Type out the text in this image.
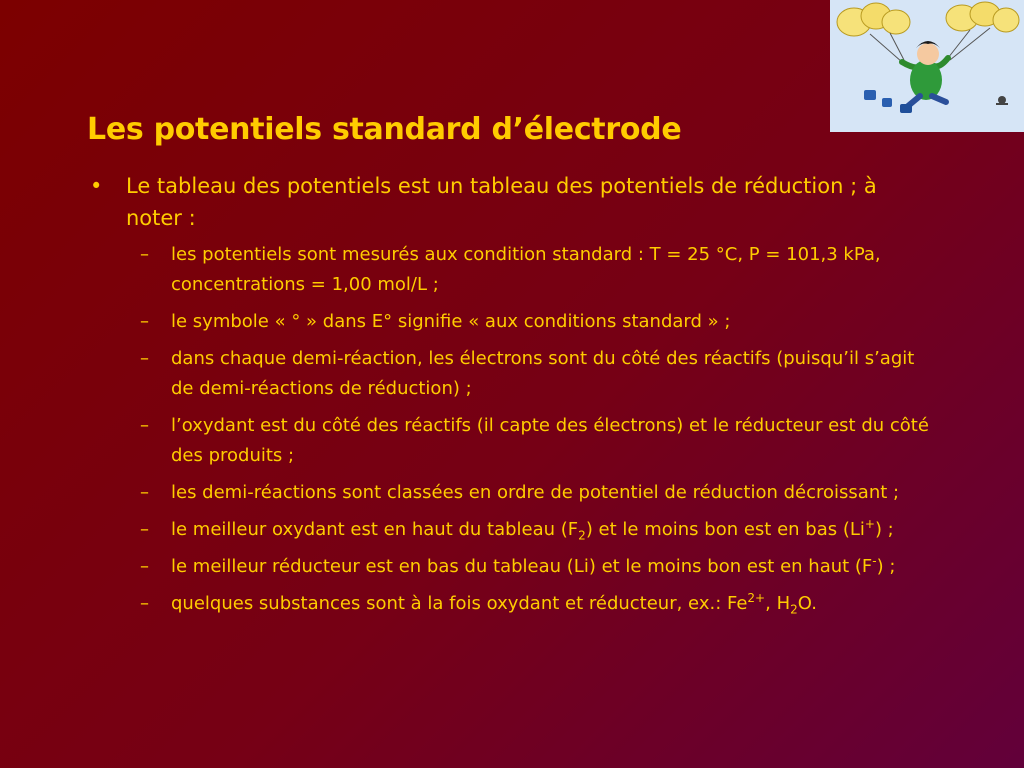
Les potentiels standard d’électrode
• Le tableau des potentiels est un tableau des potentiels de réduction ; à noter :
– les potentiels sont mesurés aux condition standard : T = 25 °C, P = 101,3 kPa, concentrations = 1,00 mol/L ;
– le symbole « ° » dans E° signifie « aux conditions standard » ;
– dans chaque demi-réaction, les électrons sont du côté des réactifs (puisqu’il s’agit de demi-réactions de réduction) ;
– l’oxydant est du côté des réactifs (il capte des électrons) et le réducteur est du côté des produits ;
– les demi-réactions sont classées en ordre de potentiel de réduction décroissant ;
– le meilleur oxydant est en haut du tableau $(F_2)$ et le moins bon est en bas (Li+) ;
– le meilleur réducteur est en bas du tableau (Li) et le moins bon est en haut (F-) ;
– quelques substances sont à la fois oxydant et réducteur, ex.: $Fe^{2+}$, $H_2O$.
